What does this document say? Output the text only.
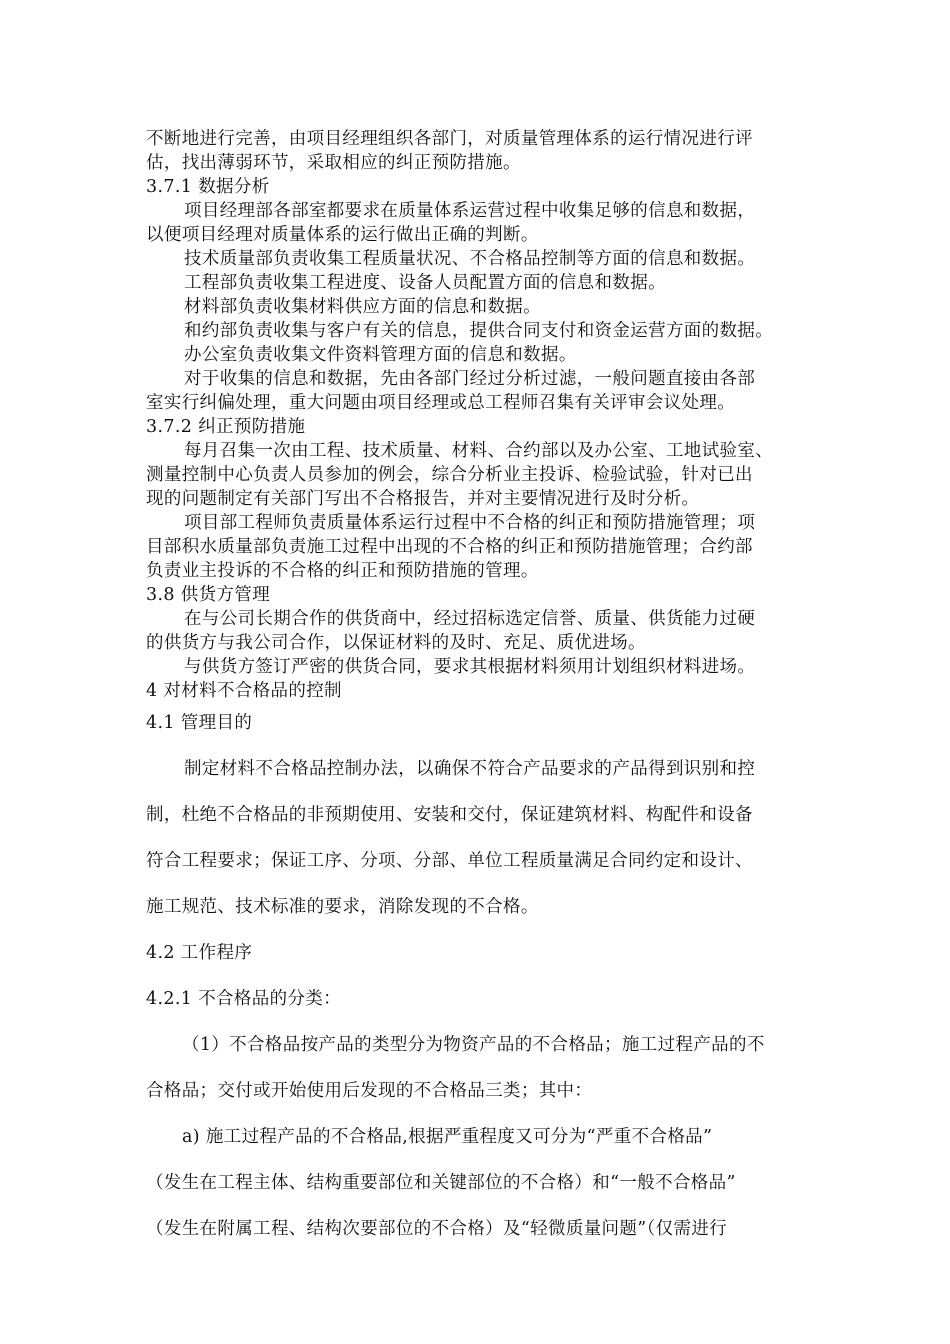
不断地进行完善，由项目经理组织各部门，对质量管理体系的运行情况进行评
估，找出薄弱环节，采取相应的纠正预防措施。
3.7.1 数据分析
项目经理部各部室都要求在质量体系运营过程中收集足够的信息和数据，
以便项目经理对质量体系的运行做出正确的判断。
技术质量部负责收集工程质量状况、不合格品控制等方面的信息和数据。
工程部负责收集工程进度、设备人员配置方面的信息和数据。
材料部负责收集材料供应方面的信息和数据。
和约部负责收集与客户有关的信息，提供合同支付和资金运营方面的数据。
办公室负责收集文件资料管理方面的信息和数据。
对于收集的信息和数据，先由各部门经过分析过滤，一般问题直接由各部
室实行纠偏处理，重大问题由项目经理或总工程师召集有关评审会议处理。
3.7.2 纠正预防措施
每月召集一次由工程、技术质量、材料、合约部以及办公室、工地试验室、
测量控制中心负责人员参加的例会，综合分析业主投诉、检验试验，针对已出
现的问题制定有关部门写出不合格报告，并对主要情况进行及时分析。
项目部工程师负责质量体系运行过程中不合格的纠正和预防措施管理；项
目部积水质量部负责施工过程中出现的不合格的纠正和预防措施管理；合约部
负责业主投诉的不合格的纠正和预防措施的管理。
3.8 供货方管理
在与公司长期合作的供货商中，经过招标选定信誉、质量、供货能力过硬
的供货方与我公司合作，以保证材料的及时、充足、质优进场。
与供货方签订严密的供货合同，要求其根据材料须用计划组织材料进场。
4 对材料不合格品的控制
4.1 管理目的
制定材料不合格品控制办法，以确保不符合产品要求的产品得到识别和控
制，杜绝不合格品的非预期使用、安装和交付，保证建筑材料、构配件和设备
符合工程要求；保证工序、分项、分部、单位工程质量满足合同约定和设计、
施工规范、技术标准的要求，消除发现的不合格。
4.2 工作程序
4.2.1 不合格品的分类：
（1）不合格品按产品的类型分为物资产品的不合格品；施工过程产品的不
合格品；交付或开始使用后发现的不合格品三类；其中：
a) 施工过程产品的不合格品,根据严重程度又可分为“严重不合格品”
（发生在工程主体、结构重要部位和关键部位的不合格）和“一般不合格品”
（发生在附属工程、结构次要部位的不合格）及“轻微质量问题”（仅需进行
